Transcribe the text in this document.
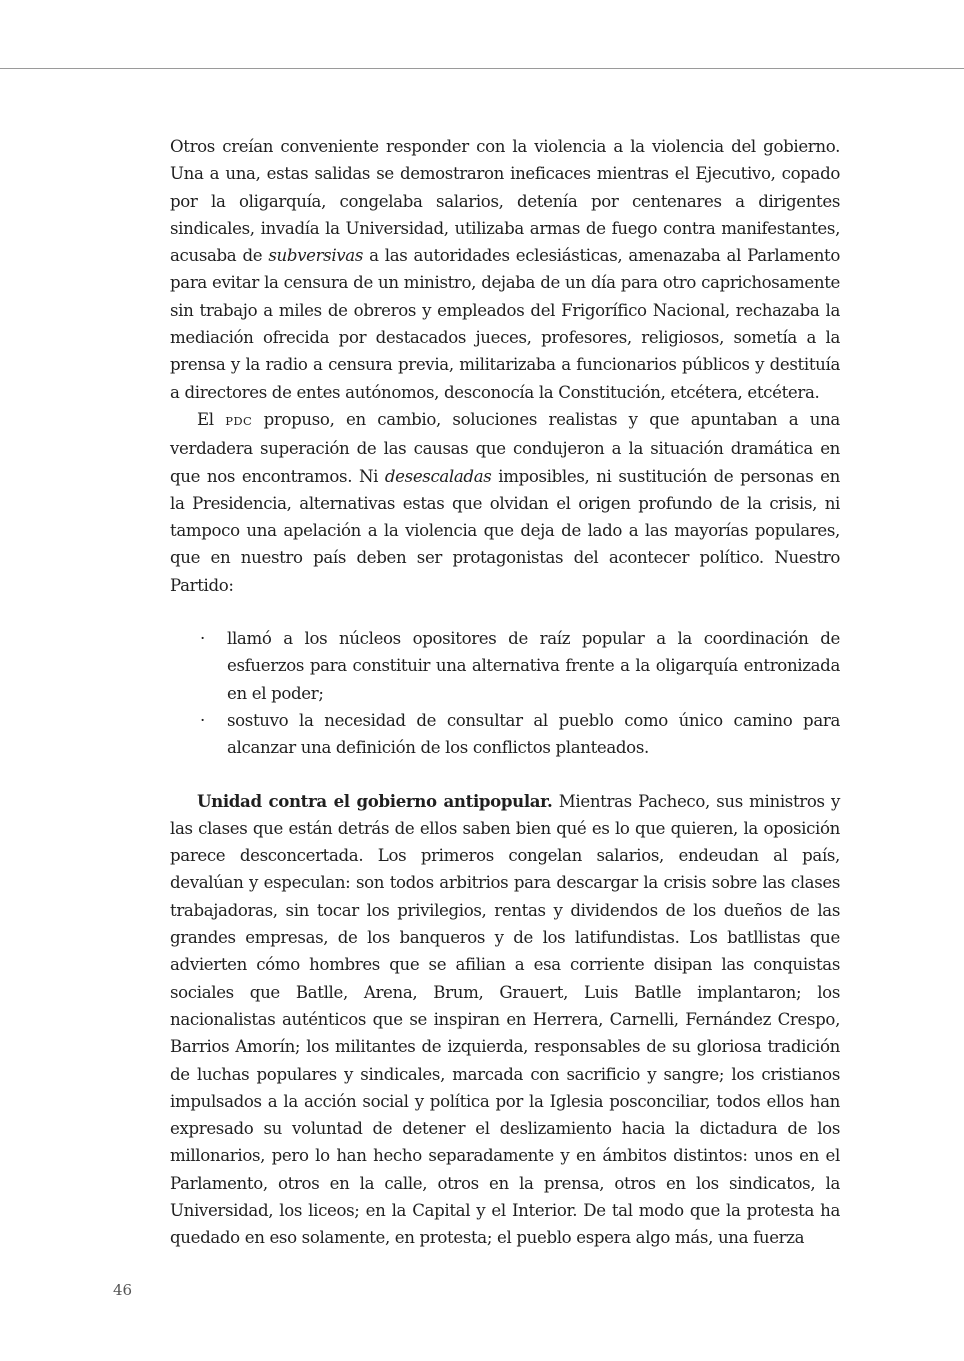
Otros creían conveniente responder con la violencia a la violencia del gobierno. Una a una, estas salidas se demostraron ineficaces mientras el Ejecutivo, copado por la oligarquía, congelaba salarios, detenía por centenares a dirigentes sindicales, invadía la Universidad, utilizaba armas de fuego contra manifestantes, acusaba de subversivas a las autoridades eclesiásticas, amenazaba al Parlamento para evitar la censura de un ministro, dejaba de un día para otro caprichosamente sin trabajo a miles de obreros y empleados del Frigorífico Nacional, rechazaba la mediación ofrecida por destacados jueces, profesores, religiosos, sometía a la prensa y la radio a censura previa, militarizaba a funcionarios públicos y destituía a directores de entes autónomos, desconocía la Constitución, etcétera, etcétera.

El PDC propuso, en cambio, soluciones realistas y que apuntaban a una verdadera superación de las causas que condujeron a la situación dramática en que nos encontramos. Ni desescaladas imposibles, ni sustitución de personas en la Presidencia, alternativas estas que olvidan el origen profundo de la crisis, ni tampoco una apelación a la violencia que deja de lado a las mayorías populares, que en nuestro país deben ser protagonistas del acontecer político. Nuestro Partido:

· llamó a los núcleos opositores de raíz popular a la coordinación de esfuerzos para constituir una alternativa frente a la oligarquía entronizada en el poder;
· sostuvo la necesidad de consultar al pueblo como único camino para alcanzar una definición de los conflictos planteados.

Unidad contra el gobierno antipopular. Mientras Pacheco, sus ministros y las clases que están detrás de ellos saben bien qué es lo que quieren, la oposición parece desconcertada. Los primeros congelan salarios, endeudan al país, devalúan y especulan: son todos arbitrios para descargar la crisis sobre las clases trabajadoras, sin tocar los privilegios, rentas y dividendos de los dueños de las grandes empresas, de los banqueros y de los latifundistas. Los batllistas que advierten cómo hombres que se afilian a esa corriente disipan las conquistas sociales que Batlle, Arena, Brum, Grauert, Luis Batlle implantaron; los nacionalistas auténticos que se inspiran en Herrera, Carnelli, Fernández Crespo, Barrios Amorín; los militantes de izquierda, responsables de su gloriosa tradición de luchas populares y sindicales, marcada con sacrificio y sangre; los cristianos impulsados a la acción social y política por la Iglesia posconciliar, todos ellos han expresado su voluntad de detener el deslizamiento hacia la dictadura de los millonarios, pero lo han hecho separadamente y en ámbitos distintos: unos en el Parlamento, otros en la calle, otros en la prensa, otros en los sindicatos, la Universidad, los liceos; en la Capital y el Interior. De tal modo que la protesta ha quedado en eso solamente, en protesta; el pueblo espera algo más, una fuerza

46
